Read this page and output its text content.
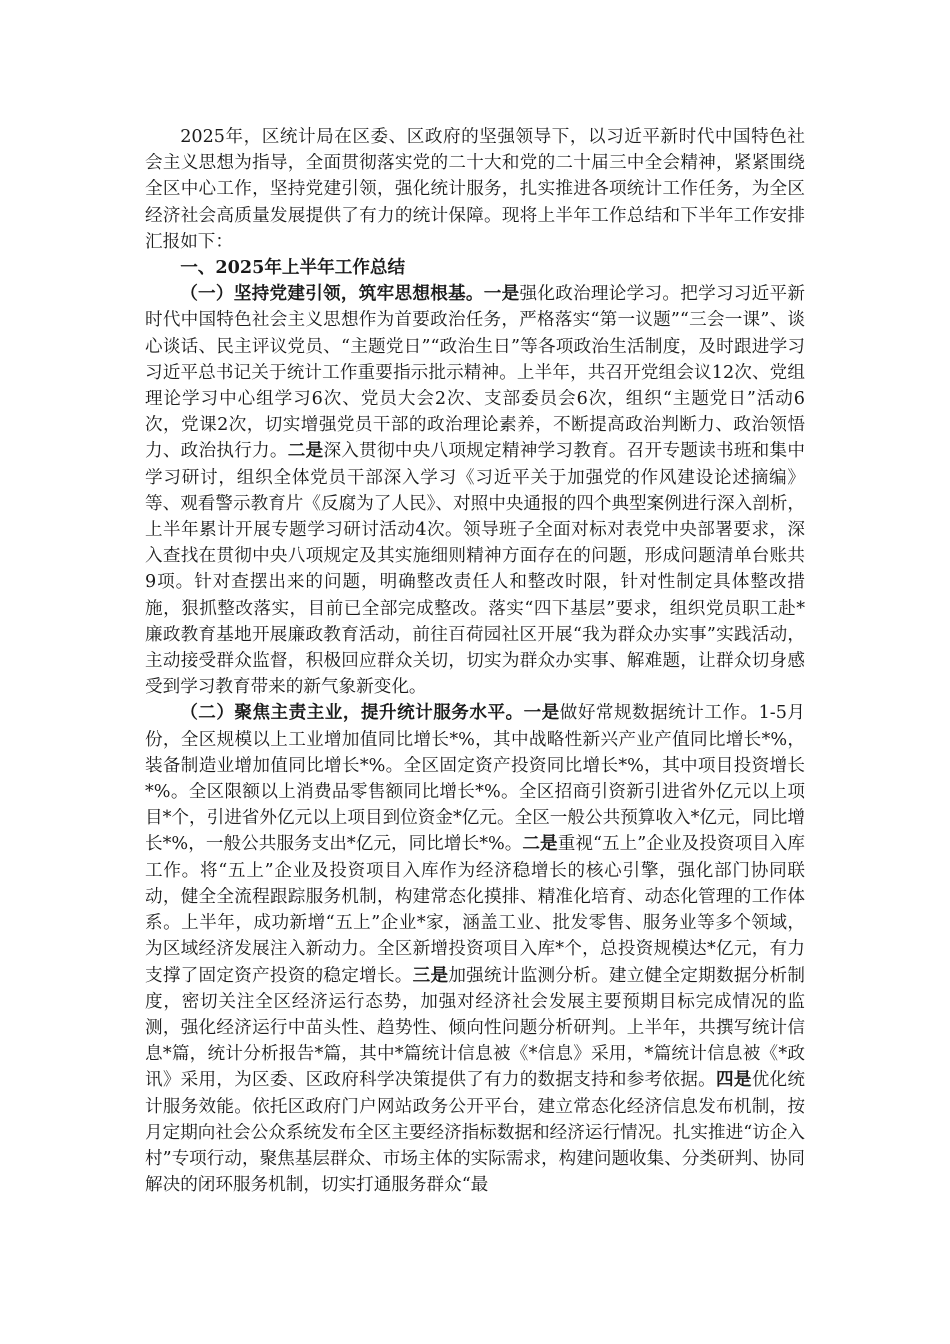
2025年，区统计局在区委、区政府的坚强领导下，以习近平新时代中国特色社会主义思想为指导，全面贯彻落实党的二十大和党的二十届三中全会精神，紧紧围绕全区中心工作，坚持党建引领，强化统计服务，扎实推进各项统计工作任务，为全区经济社会高质量发展提供了有力的统计保障。现将上半年工作总结和下半年工作安排汇报如下：

一、2025年上半年工作总结

（一）坚持党建引领，筑牢思想根基。一是强化政治理论学习。把学习习近平新时代中国特色社会主义思想作为首要政治任务，严格落实“第一议题”“三会一课”、谈心谈话、民主评议党员、“主题党日”“政治生日”等各项政治生活制度，及时跟进学习习近平总书记关于统计工作重要指示批示精神。上半年，共召开党组会议12次、党组理论学习中心组学习6次、党员大会2次、支部委员会6次，组织“主题党日”活动6次，党课2次，切实增强党员干部的政治理论素养，不断提高政治判断力、政治领悟力、政治执行力。二是深入贯彻中央八项规定精神学习教育。召开专题读书班和集中学习研讨，组织全体党员干部深入学习《习近平关于加强党的作风建设论述摘编》等、观看警示教育片《反腐为了人民》、对照中央通报的四个典型案例进行深入剖析，上半年累计开展专题学习研讨活动4次。领导班子全面对标对表党中央部署要求，深入查找在贯彻中央八项规定及其实施细则精神方面存在的问题，形成问题清单台账共9项。针对查摆出来的问题，明确整改责任人和整改时限，针对性制定具体整改措施，狠抓整改落实，目前已全部完成整改。落实“四下基层”要求，组织党员职工赴*廉政教育基地开展廉政教育活动，前往百荷园社区开展“我为群众办实事”实践活动，主动接受群众监督，积极回应群众关切，切实为群众办实事、解难题，让群众切身感受到学习教育带来的新气象新变化。

（二）聚焦主责主业，提升统计服务水平。一是做好常规数据统计工作。1-5月份，全区规模以上工业增加值同比增长*%，其中战略性新兴产业产值同比增长*%，装备制造业增加值同比增长*%。全区固定资产投资同比增长*%，其中项目投资增长*%。全区限额以上消费品零售额同比增长*%。全区招商引资新引进省外亿元以上项目*个，引进省外亿元以上项目到位资金*亿元。全区一般公共预算收入*亿元，同比增长*%，一般公共服务支出*亿元，同比增长*%。二是重视“五上”企业及投资项目入库工作。将“五上”企业及投资项目入库作为经济稳增长的核心引擎，强化部门协同联动，健全全流程跟踪服务机制，构建常态化摸排、精准化培育、动态化管理的工作体系。上半年，成功新增“五上”企业*家，涵盖工业、批发零售、服务业等多个领域，为区域经济发展注入新动力。全区新增投资项目入库*个，总投资规模达*亿元，有力支撑了固定资产投资的稳定增长。三是加强统计监测分析。建立健全定期数据分析制度，密切关注全区经济运行态势，加强对经济社会发展主要预期目标完成情况的监测，强化经济运行中苗头性、趋势性、倾向性问题分析研判。上半年，共撰写统计信息*篇，统计分析报告*篇，其中*篇统计信息被《*信息》采用，*篇统计信息被《*政讯》采用，为区委、区政府科学决策提供了有力的数据支持和参考依据。四是优化统计服务效能。依托区政府门户网站政务公开平台，建立常态化经济信息发布机制，按月定期向社会公众系统发布全区主要经济指标数据和经济运行情况。扎实推进“访企入村”专项行动，聚焦基层群众、市场主体的实际需求，构建问题收集、分类研判、协同解决的闭环服务机制，切实打通服务群众“最
